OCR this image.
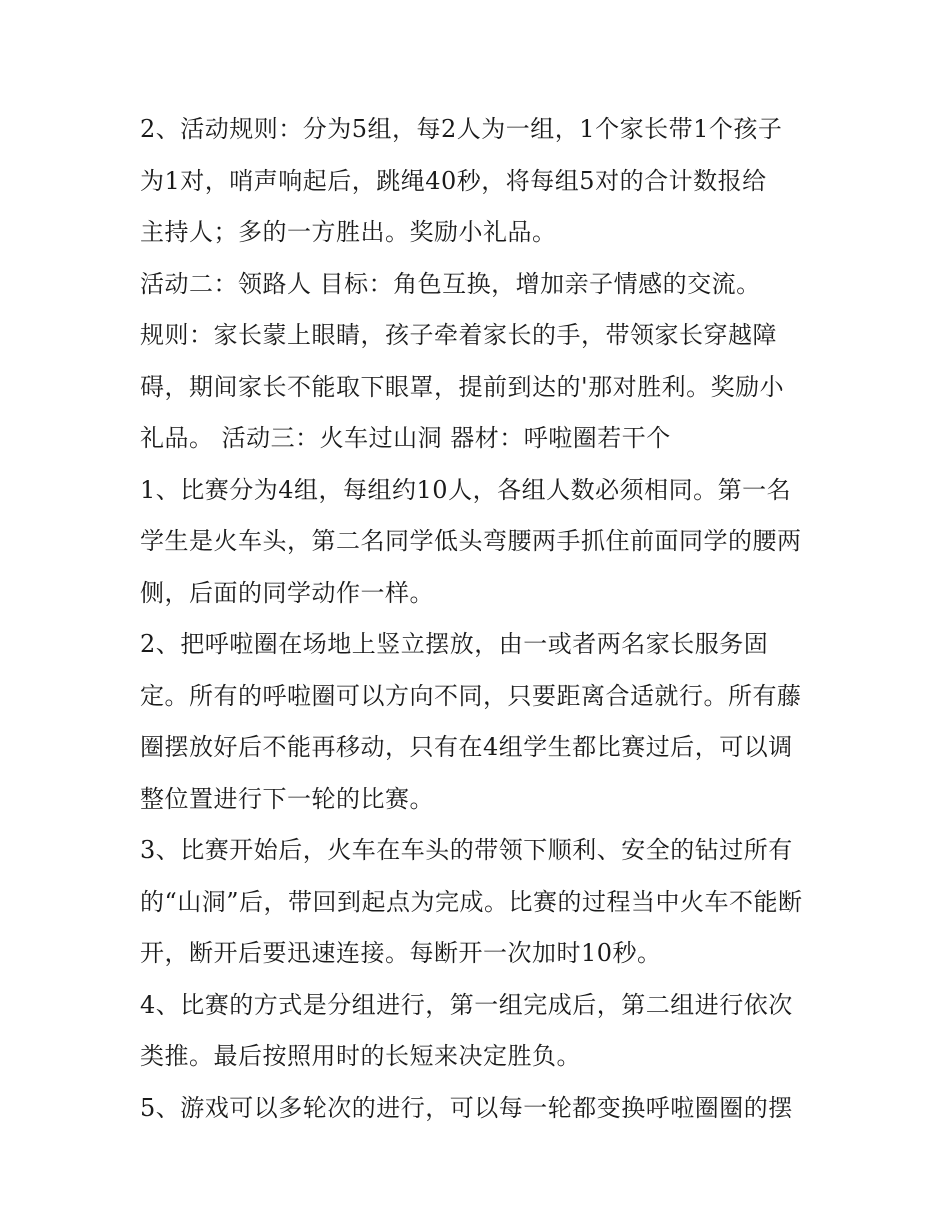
2、活动规则：分为5组，每2人为一组，1个家长带1个孩子
为1对，哨声响起后，跳绳40秒，将每组5对的合计数报给
主持人；多的一方胜出。奖励小礼品。
活动二：领路人 目标：角色互换，增加亲子情感的交流。
规则：家长蒙上眼睛，孩子牵着家长的手，带领家长穿越障
碍，期间家长不能取下眼罩，提前到达的'那对胜利。奖励小
礼品。 活动三：火车过山洞 器材：呼啦圈若干个
1、比赛分为4组，每组约10人，各组人数必须相同。第一名
学生是火车头，第二名同学低头弯腰两手抓住前面同学的腰两
侧，后面的同学动作一样。
2、把呼啦圈在场地上竖立摆放，由一或者两名家长服务固
定。所有的呼啦圈可以方向不同，只要距离合适就行。所有藤
圈摆放好后不能再移动，只有在4组学生都比赛过后，可以调
整位置进行下一轮的比赛。
3、比赛开始后，火车在车头的带领下顺利、安全的钻过所有
的“山洞”后，带回到起点为完成。比赛的过程当中火车不能断
开，断开后要迅速连接。每断开一次加时10秒。
4、比赛的方式是分组进行，第一组完成后，第二组进行依次
类推。最后按照用时的长短来决定胜负。
5、游戏可以多轮次的进行，可以每一轮都变换呼啦圈圈的摆
